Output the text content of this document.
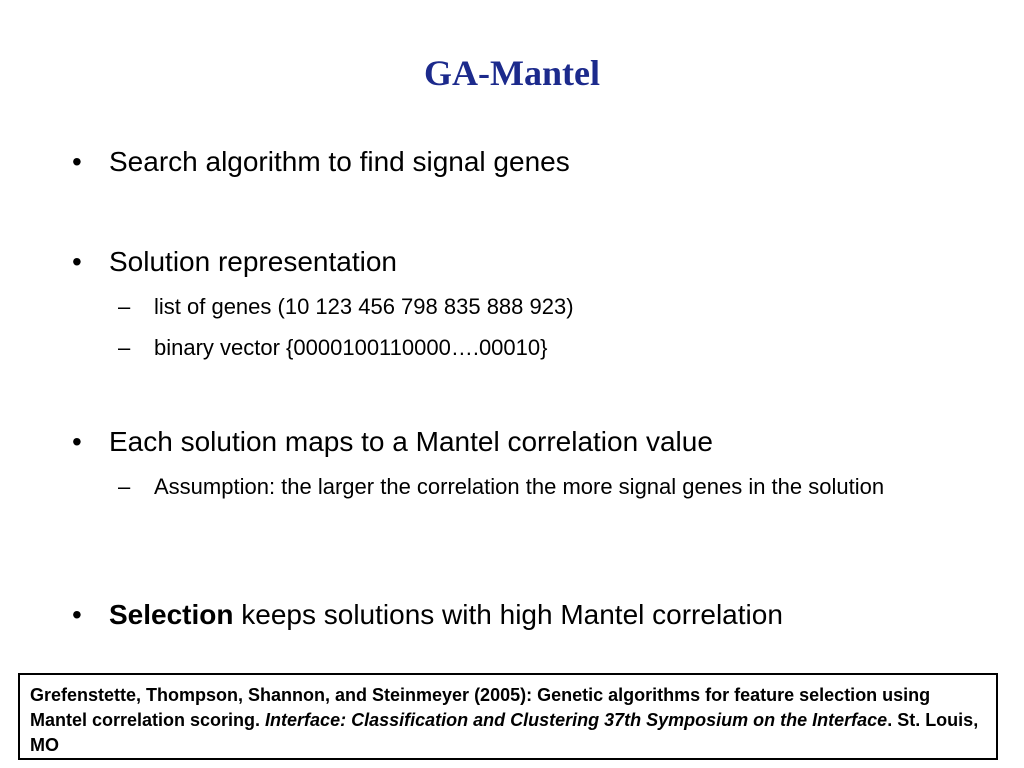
GA-Mantel
• Search algorithm to find signal genes
• Solution representation
– list of genes (10 123 456 798 835 888 923)
– binary vector {0000100110000….00010}
• Each solution maps to a Mantel correlation value
– Assumption: the larger the correlation the more signal genes in the solution
• Selection keeps solutions with high Mantel correlation
Grefenstette, Thompson, Shannon, and Steinmeyer (2005): Genetic algorithms for feature selection using Mantel correlation scoring. Interface: Classification and Clustering 37th Symposium on the Interface. St. Louis, MO
